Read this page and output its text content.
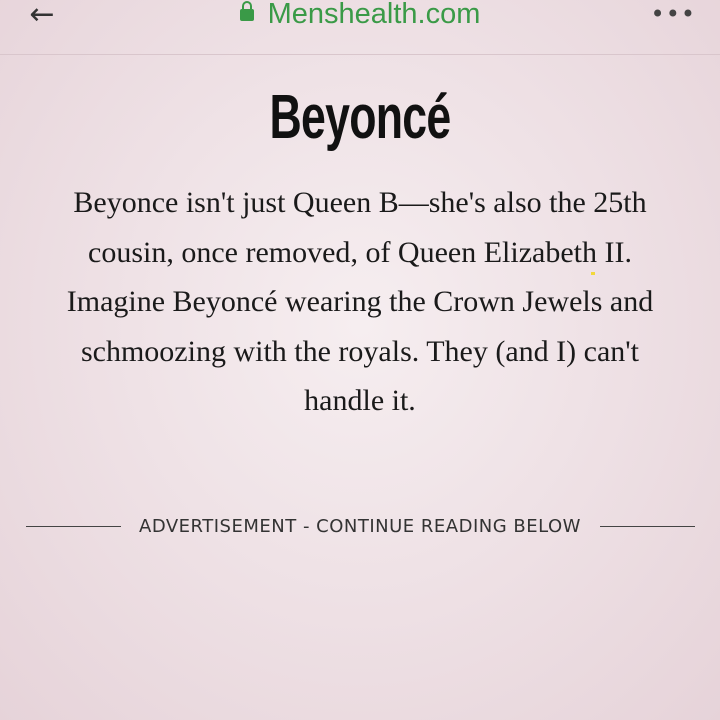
←	Menshealth.com	•••
Beyoncé
Beyonce isn't just Queen B—she's also the 25th cousin, once removed
, of Queen Elizabeth II. Imagine Beyoncé wearing the Crown Jewels and schmoozing with the royals. They (and I) can't handle it.
ADVERTISEMENT - CONTINUE READING BELOW
